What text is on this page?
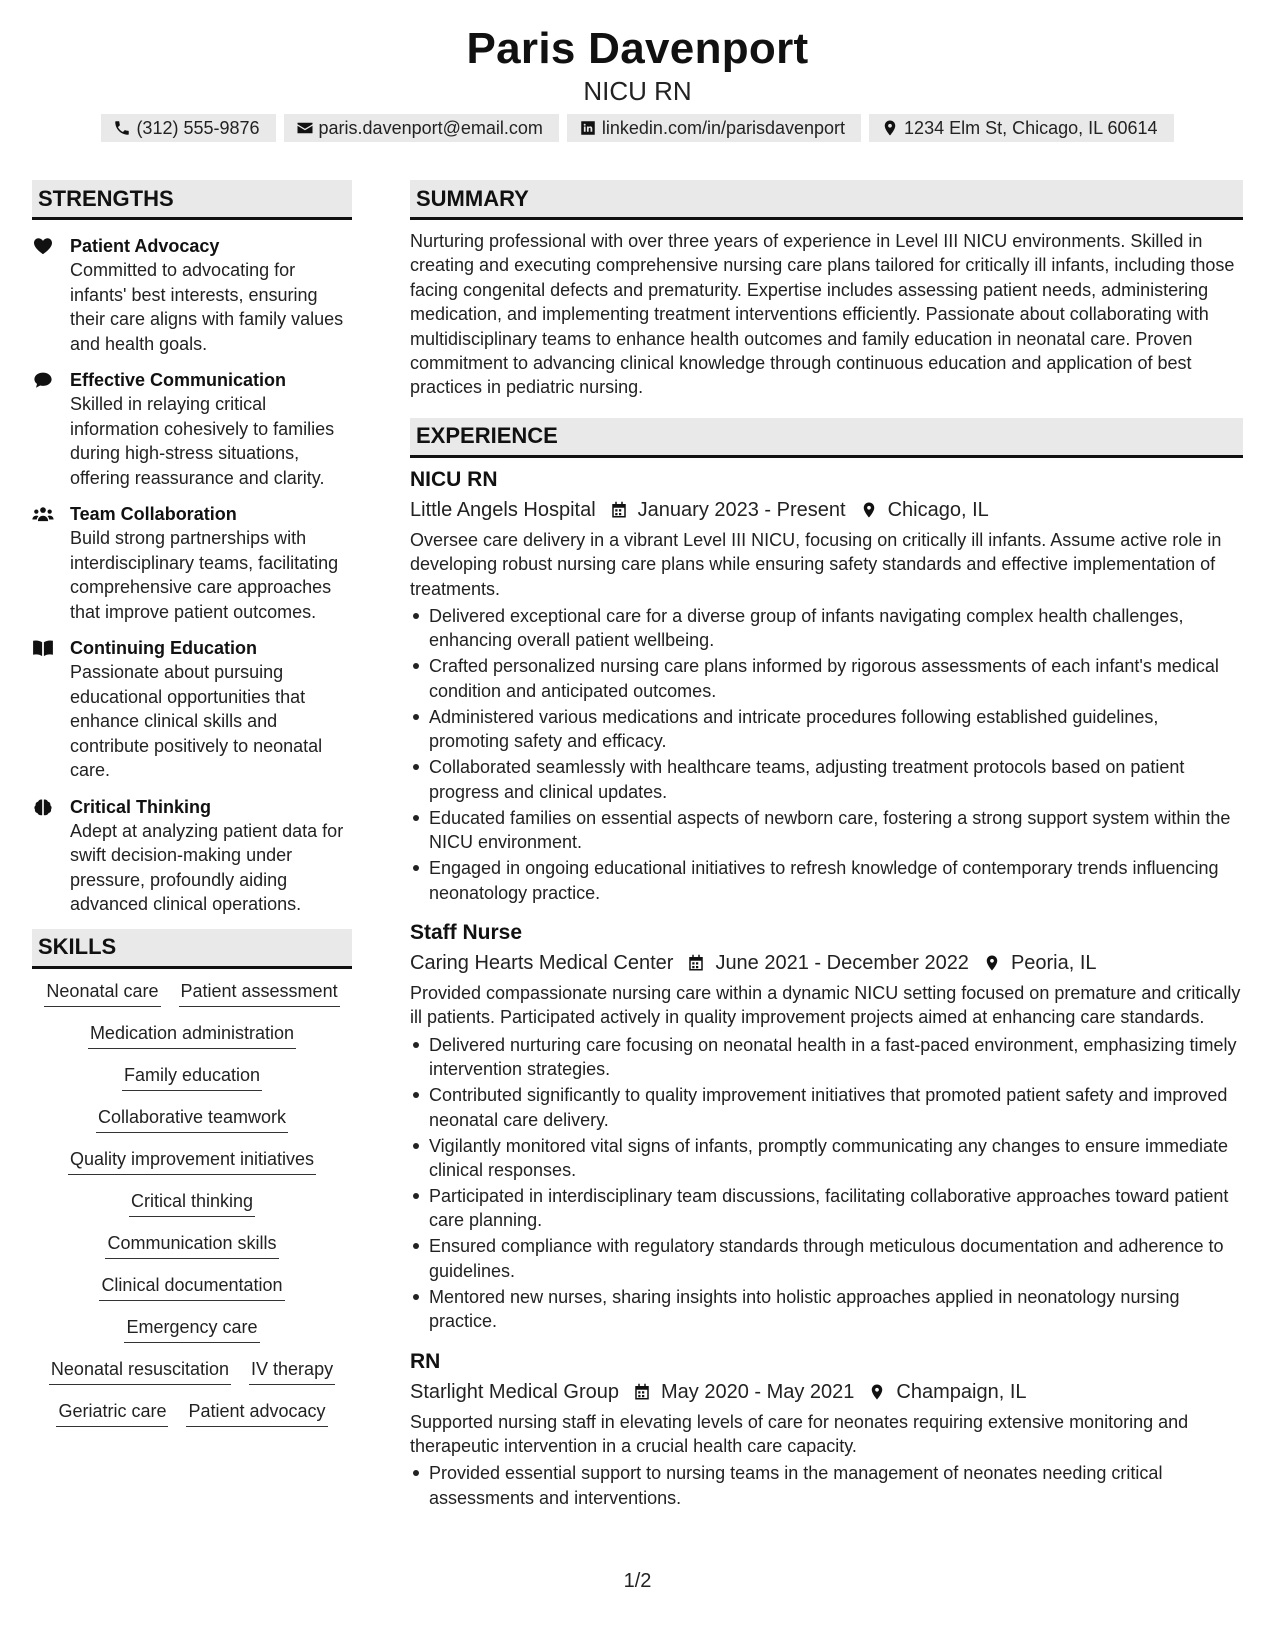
Paris Davenport
NICU RN
(312) 555-9876	paris.davenport@email.com	linkedin.com/in/parisdavenport	1234 Elm St, Chicago, IL 60614
STRENGTHS
Patient Advocacy
Committed to advocating for infants' best interests, ensuring their care aligns with family values and health goals.
Effective Communication
Skilled in relaying critical information cohesively to families during high-stress situations, offering reassurance and clarity.
Team Collaboration
Build strong partnerships with interdisciplinary teams, facilitating comprehensive care approaches that improve patient outcomes.
Continuing Education
Passionate about pursuing educational opportunities that enhance clinical skills and contribute positively to neonatal care.
Critical Thinking
Adept at analyzing patient data for swift decision-making under pressure, profoundly aiding advanced clinical operations.
SKILLS
Neonatal care Patient assessment
Medication administration
Family education
Collaborative teamwork
Quality improvement initiatives
Critical thinking
Communication skills
Clinical documentation
Emergency care
Neonatal resuscitation IV therapy
Geriatric care Patient advocacy
SUMMARY

Nurturing professional with over three years of experience in Level III NICU environments. Skilled in creating and executing comprehensive nursing care plans tailored for critically ill infants, including those facing congenital defects and prematurity. Expertise includes assessing patient needs, administering medication, and implementing treatment interventions efficiently. Passionate about collaborating with multidisciplinary teams to enhance health outcomes and family education in neonatal care. Proven commitment to advancing clinical knowledge through continuous education and application of best practices in pediatric nursing.

EXPERIENCE
NICU RN
Little Angels Hospital January 2023 - Present Chicago, IL

Oversee care delivery in a vibrant Level III NICU, focusing on critically ill infants. Assume active role in developing robust nursing care plans while ensuring safety standards and effective implementation of treatments.

Delivered exceptional care for a diverse group of infants navigating complex health challenges, enhancing overall patient wellbeing.
Crafted personalized nursing care plans informed by rigorous assessments of each infant's medical condition and anticipated outcomes.
Administered various medications and intricate procedures following established guidelines, promoting safety and efficacy.
Collaborated seamlessly with healthcare teams, adjusting treatment protocols based on patient progress and clinical updates.
Educated families on essential aspects of newborn care, fostering a strong support system within the NICU environment.
Engaged in ongoing educational initiatives to refresh knowledge of contemporary trends influencing neonatology practice.
Staff Nurse
Caring Hearts Medical Center June 2021 - December 2022 Peoria, IL

Provided compassionate nursing care within a dynamic NICU setting focused on premature and critically ill patients. Participated actively in quality improvement projects aimed at enhancing care standards.

Delivered nurturing care focusing on neonatal health in a fast-paced environment, emphasizing timely intervention strategies.
Contributed significantly to quality improvement initiatives that promoted patient safety and improved neonatal care delivery.
Vigilantly monitored vital signs of infants, promptly communicating any changes to ensure immediate clinical responses.
Participated in interdisciplinary team discussions, facilitating collaborative approaches toward patient care planning.
Ensured compliance with regulatory standards through meticulous documentation and adherence to guidelines.
Mentored new nurses, sharing insights into holistic approaches applied in neonatology nursing practice.
RN
Starlight Medical Group May 2020 - May 2021 Champaign, IL

Supported nursing staff in elevating levels of care for neonates requiring extensive monitoring and therapeutic intervention in a crucial health care capacity.

Provided essential support to nursing teams in the management of neonates needing critical assessments and interventions.
1/2
